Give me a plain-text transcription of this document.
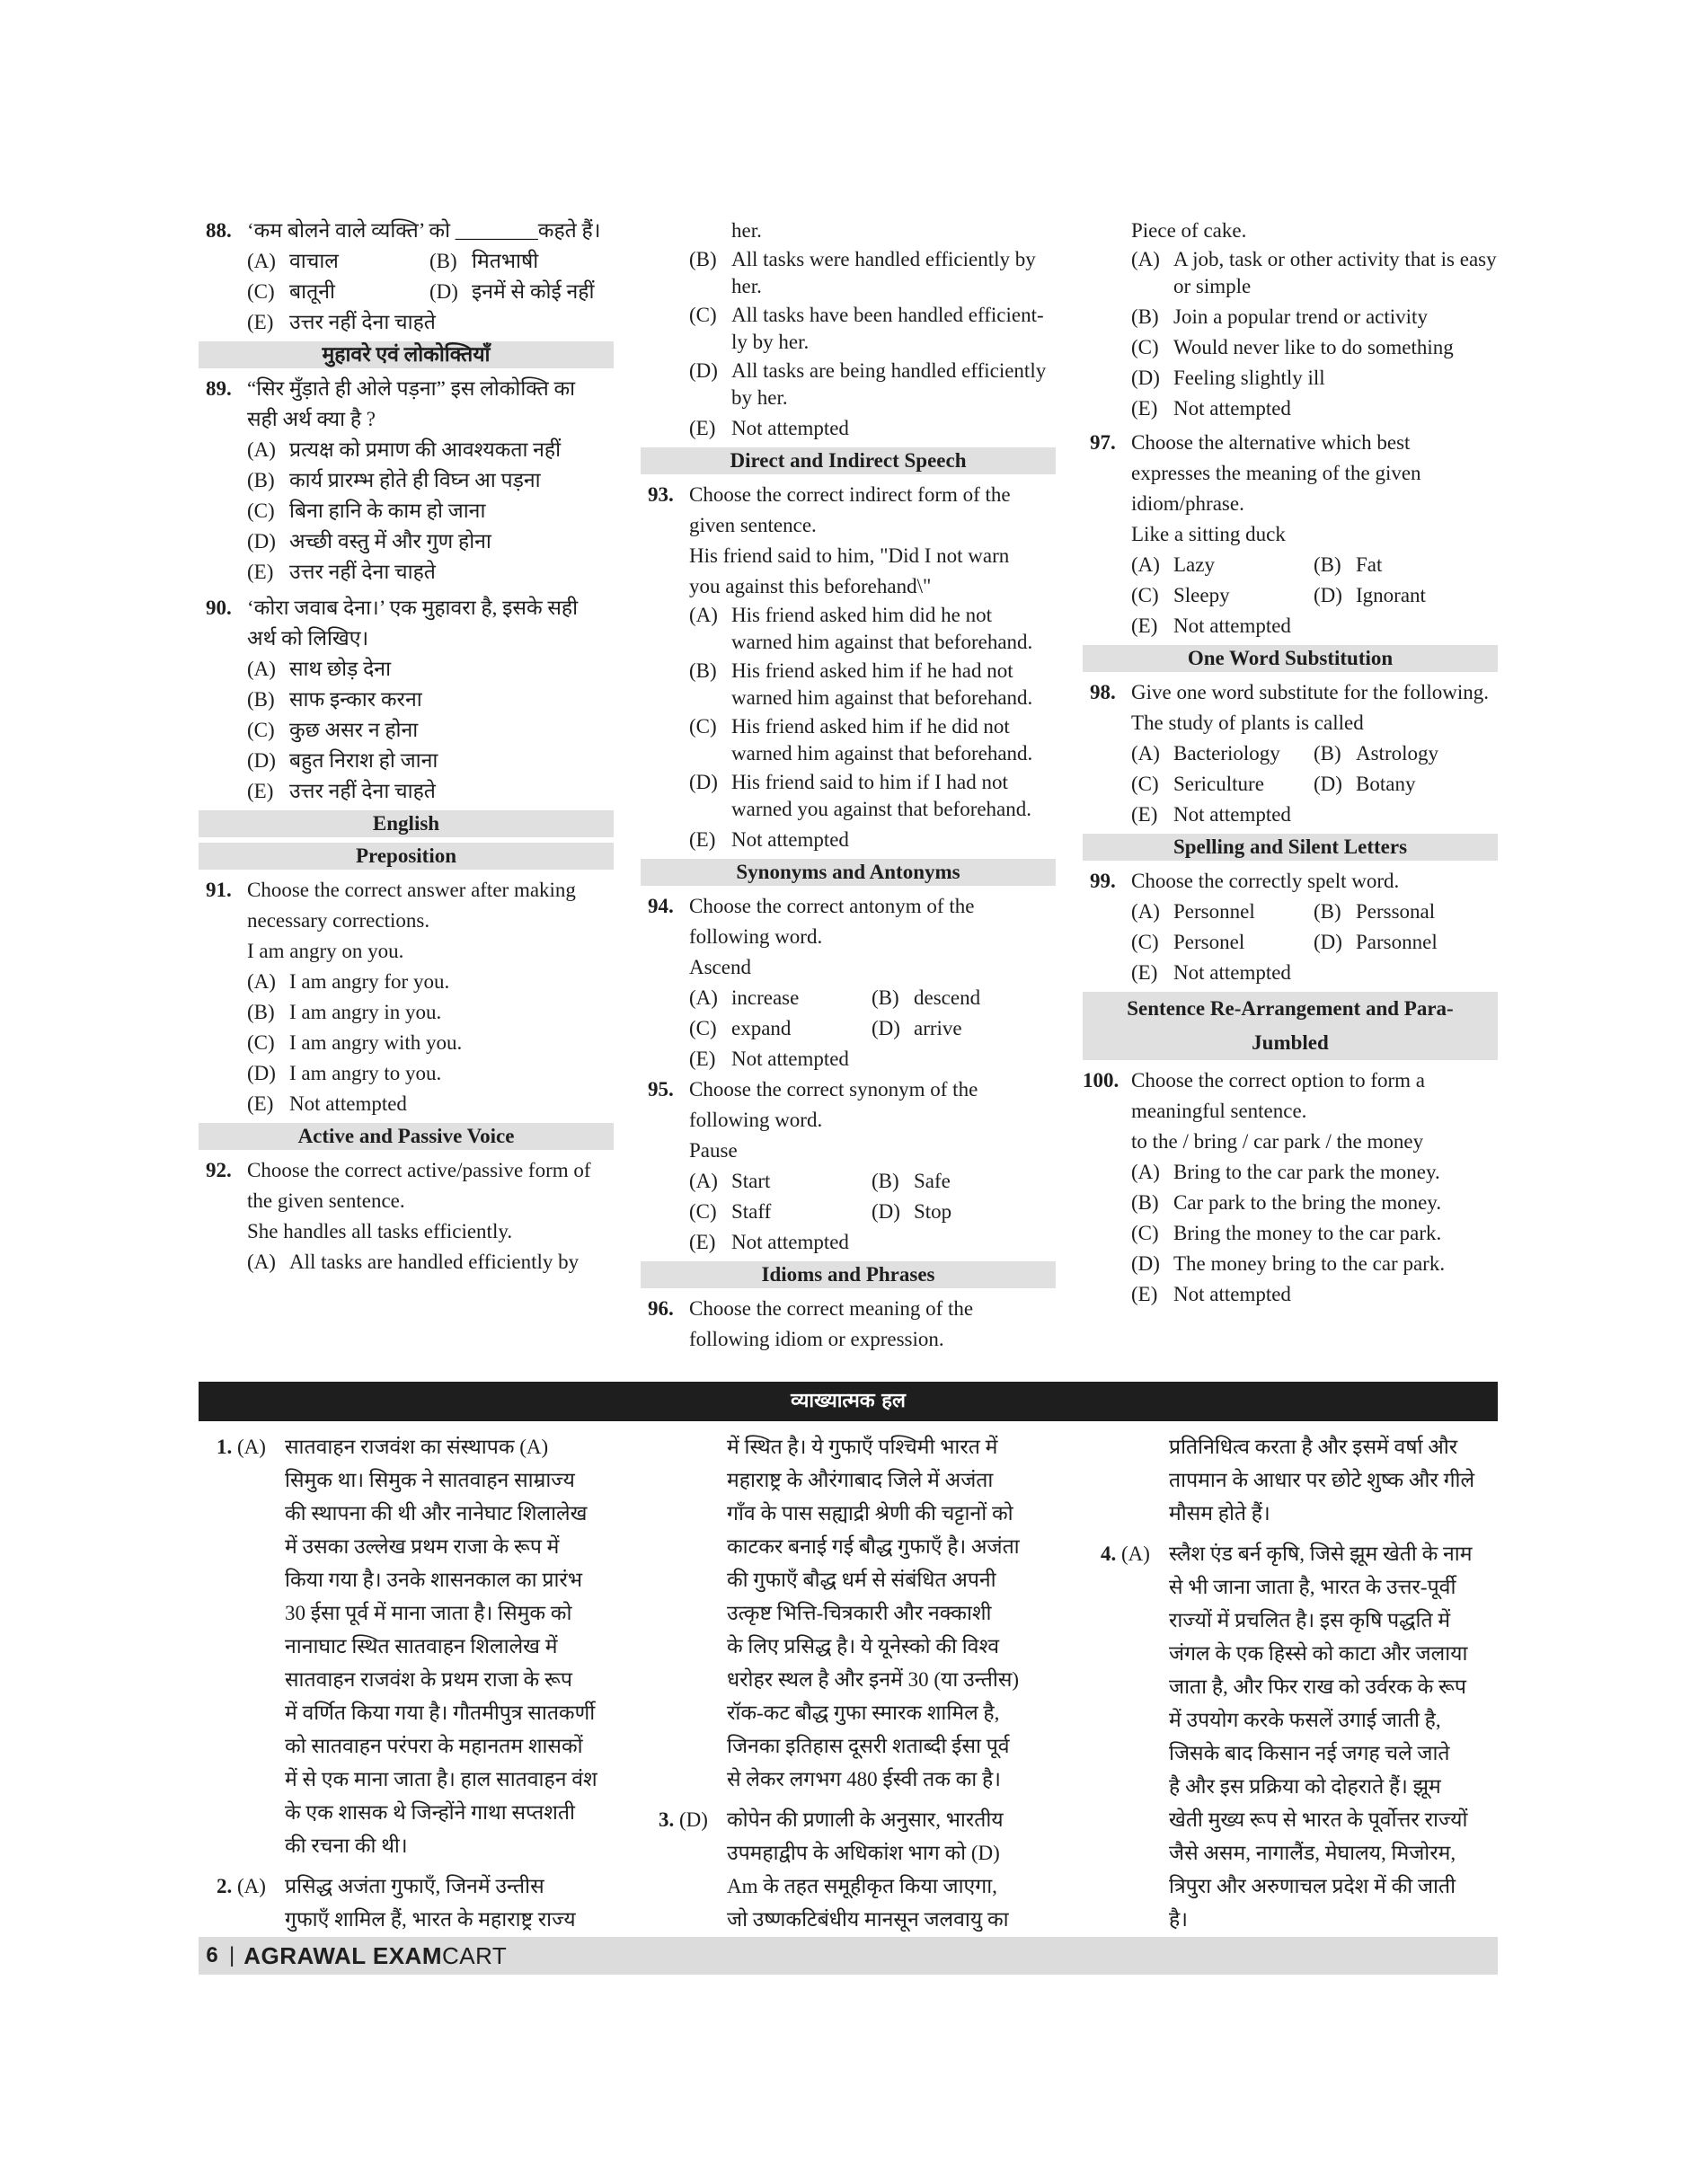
88. ‘कम बोलने वाले व्यक्ति’ को ________कहते हैं।
(A) वाचाल	(B) मितभाषी
(C) बातूनी	(D) इनमें से कोई नहीं
(E) उत्तर नहीं देना चाहते
मुहावरे एवं लोकोक्तियाँ
89. “सिर मुँड़ाते ही ओले पड़ना” इस लोकोक्ति का
सही अर्थ क्या है ?
(A) प्रत्यक्ष को प्रमाण की आवश्यकता नहीं
(B) कार्य प्रारम्भ होते ही विघ्न आ पड़ना
(C) बिना हानि के काम हो जाना
(D) अच्छी वस्तु में और गुण होना
(E) उत्तर नहीं देना चाहते
90. ‘कोरा जवाब देना।’ एक मुहावरा है, इसके सही
अर्थ को लिखिए।
(A) साथ छोड़ देना
(B) साफ इन्कार करना
(C) कुछ असर न होना
(D) बहुत निराश हो जाना
(E) उत्तर नहीं देना चाहते
English
Preposition
91. Choose the correct answer after making
necessary corrections.
I am angry on you.
(A) I am angry for you.
(B) I am angry in you.
(C) I am angry with you.
(D) I am angry to you.
(E) Not attempted
Active and Passive Voice
92. Choose the correct active/passive form of
the given sentence.
She handles all tasks efficiently.
(A) All tasks are handled efficiently by
her.
(B) All tasks were handled efficiently by her.
(C) All tasks have been handled efficient-ly by her.
(D) All tasks are being handled efficiently by her.
(E) Not attempted
Direct and Indirect Speech
93. Choose the correct indirect form of the
given sentence.
His friend said to him, "Did I not warn
you against this beforehand\"
(A) His friend asked him did he not warned him against that beforehand.
(B) His friend asked him if he had not warned him against that beforehand.
(C) His friend asked him if he did not warned him against that beforehand.
(D) His friend said to him if I had not warned you against that beforehand.
(E) Not attempted
Synonyms and Antonyms
94. Choose the correct antonym of the
following word.
Ascend
(A) increase	(B) descend
(C) expand	(D) arrive
(E) Not attempted
95. Choose the correct synonym of the
following word.
Pause
(A) Start	(B) Safe
(C) Staff	(D) Stop
(E) Not attempted
Idioms and Phrases
96. Choose the correct meaning of the
following idiom or expression.
Piece of cake.
(A) A job, task or other activity that is easy or simple
(B) Join a popular trend or activity
(C) Would never like to do something
(D) Feeling slightly ill
(E) Not attempted
97. Choose the alternative which best
expresses the meaning of the given
idiom/phrase.
Like a sitting duck
(A) Lazy	(B) Fat
(C) Sleepy	(D) Ignorant
(E) Not attempted
One Word Substitution
98. Give one word substitute for the following.
The study of plants is called
(A) Bacteriology	(B) Astrology
(C) Sericulture	(D) Botany
(E) Not attempted
Spelling and Silent Letters
99. Choose the correctly spelt word.
(A) Personnel	(B) Perssonal
(C) Personel	(D) Parsonnel
(E) Not attempted
Sentence Re-Arrangement and Para-
Jumbled
100. Choose the correct option to form a
meaningful sentence.
to the / bring / car park / the money
(A) Bring to the car park the money.
(B) Car park to the bring the money.
(C) Bring the money to the car park.
(D) The money bring to the car park.
(E) Not attempted
व्याख्यात्मक हल
1. (A) सातवाहन राजवंश का संस्थापक (A)
सिमुक था। सिमुक ने सातवाहन साम्राज्य
की स्थापना की थी और नानेघाट शिलालेख
में उसका उल्लेख प्रथम राजा के रूप में
किया गया है। उनके शासनकाल का प्रारंभ
30 ईसा पूर्व में माना जाता है। सिमुक को
नानाघाट स्थित सातवाहन शिलालेख में
सातवाहन राजवंश के प्रथम राजा के रूप
में वर्णित किया गया है। गौतमीपुत्र सातकर्णी
को सातवाहन परंपरा के महानतम शासकों
में से एक माना जाता है। हाल सातवाहन वंश
के एक शासक थे जिन्होंने गाथा सप्तशती
की रचना की थी।
2. (A) प्रसिद्ध अजंता गुफाएँ, जिनमें उन्तीस
गुफाएँ शामिल हैं, भारत के महाराष्ट्र राज्य
में स्थित है। ये गुफाएँ पश्चिमी भारत में
महाराष्ट्र के औरंगाबाद जिले में अजंता
गाँव के पास सह्याद्री श्रेणी की चट्टानों को
काटकर बनाई गई बौद्ध गुफाएँ है। अजंता
की गुफाएँ बौद्ध धर्म से संबंधित अपनी
उत्कृष्ट भित्ति-चित्रकारी और नक्काशी
के लिए प्रसिद्ध है। ये यूनेस्को की विश्व
धरोहर स्थल है और इनमें 30 (या उन्तीस)
रॉक-कट बौद्ध गुफा स्मारक शामिल है,
जिनका इतिहास दूसरी शताब्दी ईसा पूर्व
से लेकर लगभग 480 ईस्वी तक का है।
3. (D) कोपेन की प्रणाली के अनुसार, भारतीय
उपमहाद्वीप के अधिकांश भाग को (D)
Am के तहत समूहीकृत किया जाएगा,
जो उष्णकटिबंधीय मानसून जलवायु का
प्रतिनिधित्व करता है और इसमें वर्षा और
तापमान के आधार पर छोटे शुष्क और गीले
मौसम होते हैं।
4. (A) स्लैश एंड बर्न कृषि, जिसे झूम खेती के नाम
से भी जाना जाता है, भारत के उत्तर-पूर्वी
राज्यों में प्रचलित है। इस कृषि पद्धति में
जंगल के एक हिस्से को काटा और जलाया
जाता है, और फिर राख को उर्वरक के रूप
में उपयोग करके फसलें उगाई जाती है,
जिसके बाद किसान नई जगह चले जाते
है और इस प्रक्रिया को दोहराते हैं। झूम
खेती मुख्य रूप से भारत के पूर्वोत्तर राज्यों
जैसे असम, नागालैंड, मेघालय, मिजोरम,
त्रिपुरा और अरुणाचल प्रदेश में की जाती
है।
6 | AGRAWAL EXAMCART
